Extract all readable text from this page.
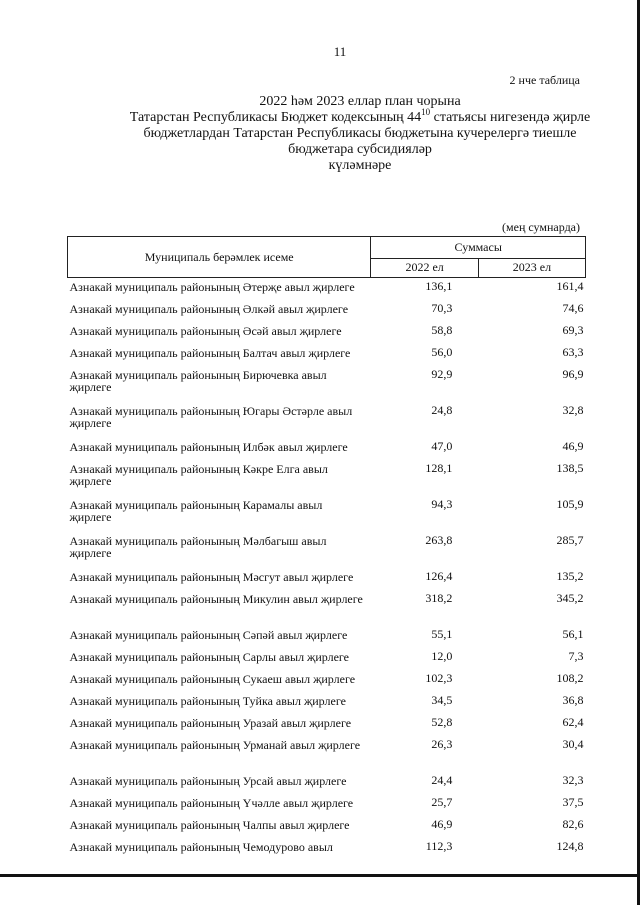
11
2 нче таблица
2022 һәм 2023 еллар план чорына
Татарстан Республикасы Бюджет кодексының $44^{10}$ статьясы нигезендә җирле
бюджетлардан Татарстан Республикасы бюджетына кучерелергә тиешле
бюджетара субсидияләр
күләмнәре
(мең сумнарда)
Муниципаль берәмлек исеме	Суммасы	
	2022 ел	2023 ел
Азнакай муниципаль районының Әтерҗе авыл җирлеге	136,1	161,4
Азнакай муниципаль районының Әлкәй авыл җирлеге	70,3	74,6
Азнакай муниципаль районының Әсәй авыл җирлеге	58,8	69,3
Азнакай муниципаль районының Балтач авыл җирлеге	56,0	63,3
Азнакай муниципаль районының Бирючевка авыл җирлеге	92,9	96,9
Азнакай муниципаль районының Югары Әстәрле авыл җирлеге	24,8	32,8
Азнакай муниципаль районының Илбәк авыл җирлеге	47,0	46,9
Азнакай муниципаль районының Кәкре Елга авыл җирлеге	128,1	138,5
Азнакай муниципаль районының Карамалы авыл җирлеге	94,3	105,9
Азнакай муниципаль районының Мәлбагыш авыл җирлеге	263,8	285,7
Азнакай муниципаль районының Мәсгут авыл җирлеге	126,4	135,2
Азнакай муниципаль районының Микулин авыл җирлеге	318,2	345,2
Азнакай муниципаль районының Сәпәй авыл җирлеге	55,1	56,1
Азнакай муниципаль районының Сарлы авыл җирлеге	12,0	7,3
Азнакай муниципаль районының Сукаеш авыл җирлеге	102,3	108,2
Азнакай муниципаль районының Туйка авыл җирлеге	34,5	36,8
Азнакай муниципаль районының Уразай авыл җирлеге	52,8	62,4
Азнакай муниципаль районының Урманай авыл җирлеге	26,3	30,4
Азнакай муниципаль районының Урсай авыл җирлеге	24,4	32,3
Азнакай муниципаль районының Үчәлле авыл җирлеге	25,7	37,5
Азнакай муниципаль районының Чалпы авыл җирлеге	46,9	82,6
Азнакай муниципаль районының Чемодурово авыл	112,3	124,8
